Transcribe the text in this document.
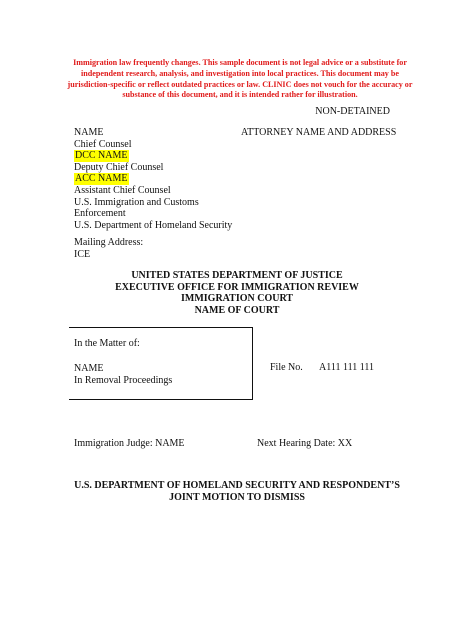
Immigration law frequently changes. This sample document is not legal advice or a substitute for independent research, analysis, and investigation into local practices. This document may be jurisdiction-specific or reflect outdated practices or law. CLINIC does not vouch for the accuracy or substance of this document, and it is intended rather for illustration.
NON-DETAINED
NAME
Chief Counsel
DCC NAME
Deputy Chief Counsel
ACC NAME
Assistant Chief Counsel
U.S. Immigration and Customs
Enforcement
U.S. Department of Homeland Security
ATTORNEY NAME AND ADDRESS
Mailing Address:
ICE
UNITED STATES DEPARTMENT OF JUSTICE
EXECUTIVE OFFICE FOR IMMIGRATION REVIEW
IMMIGRATION COURT
NAME OF COURT
In the Matter of:
NAME
In Removal Proceedings
File No. A111 111 111
Immigration Judge: NAME	Next Hearing Date: XX
U.S. DEPARTMENT OF HOMELAND SECURITY AND RESPONDENT’S
JOINT MOTION TO DISMISS
